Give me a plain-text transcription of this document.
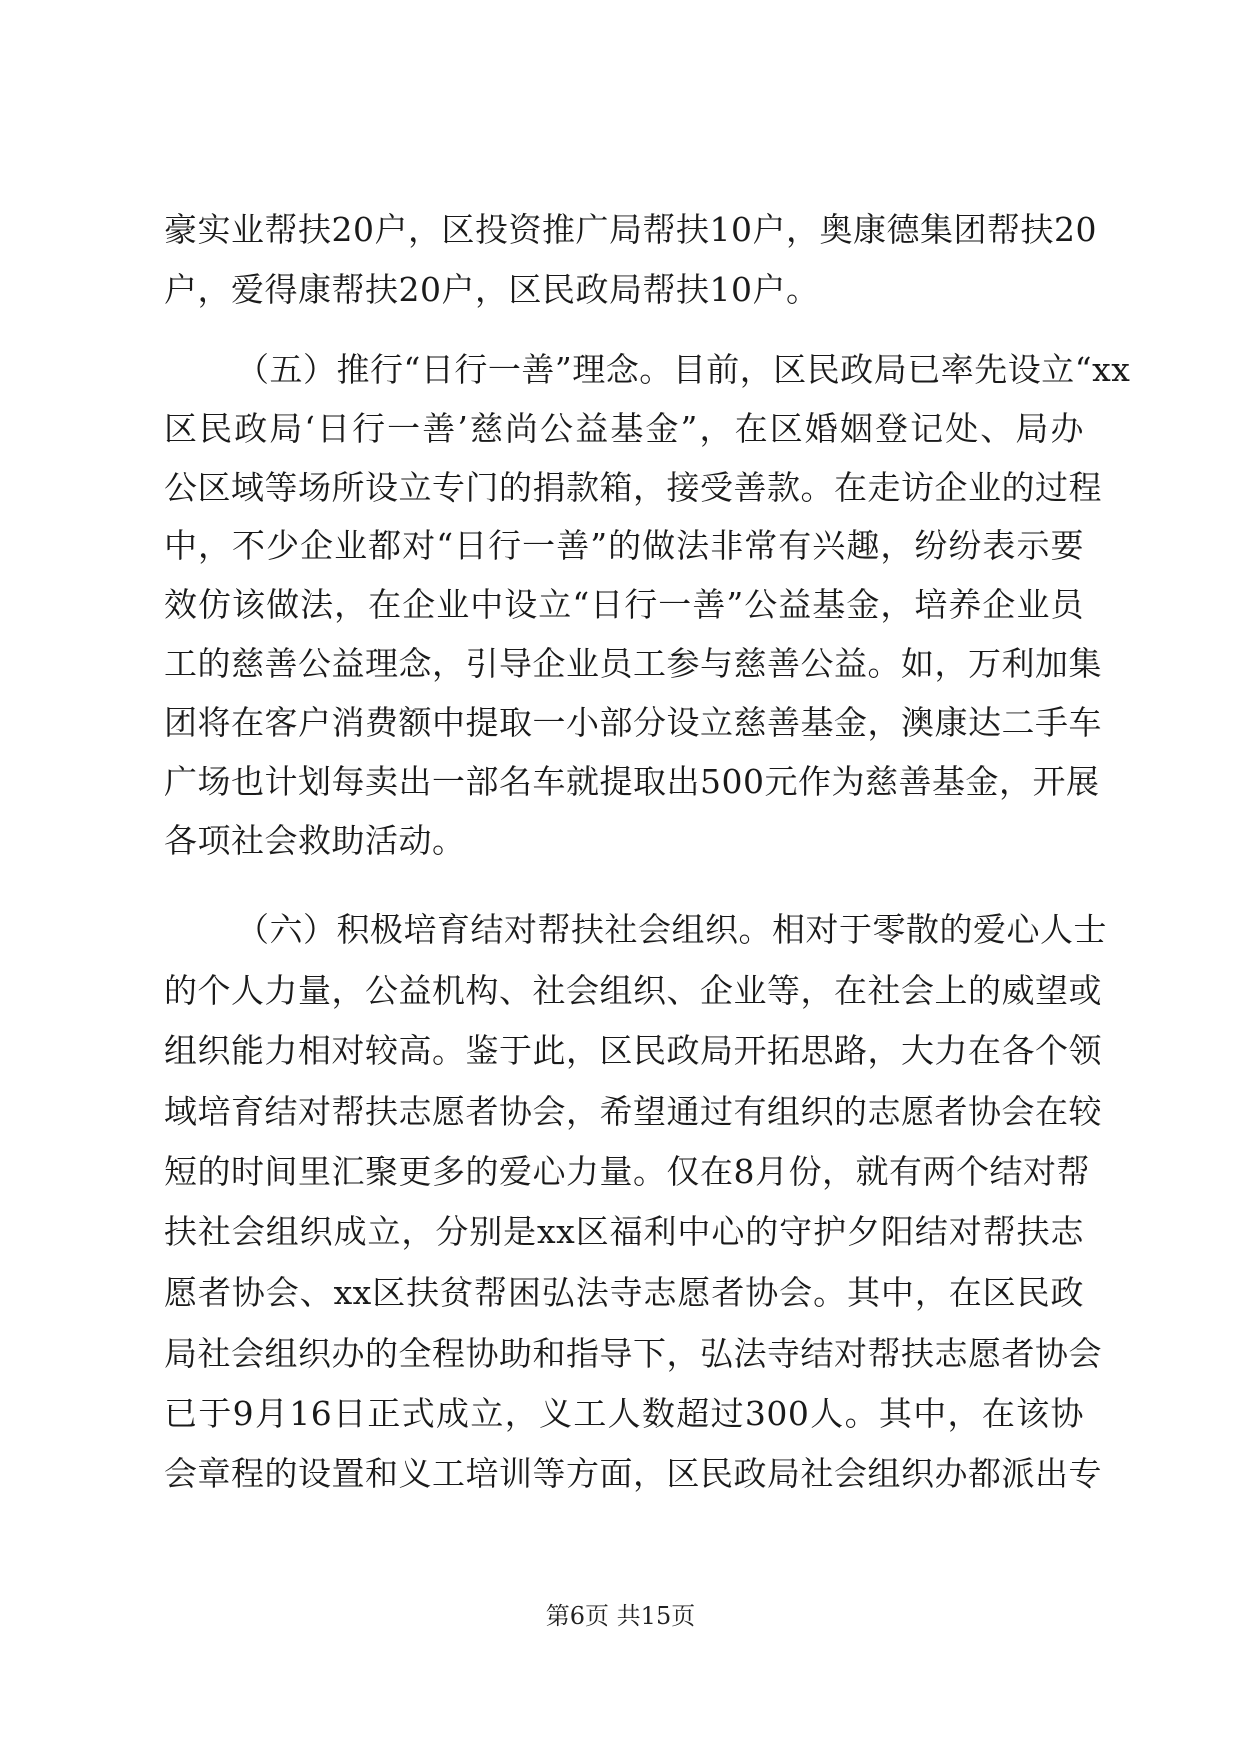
豪实业帮扶20户，区投资推广局帮扶10户，奥康德集团帮扶20
户，爱得康帮扶20户，区民政局帮扶10户。
（五）推行“日行一善”理念。目前，区民政局已率先设立“xx
区民政局‘日行一善’慈尚公益基金”，在区婚姻登记处、局办
公区域等场所设立专门的捐款箱，接受善款。在走访企业的过程
中，不少企业都对“日行一善”的做法非常有兴趣，纷纷表示要
效仿该做法，在企业中设立“日行一善”公益基金，培养企业员
工的慈善公益理念，引导企业员工参与慈善公益。如，万利加集
团将在客户消费额中提取一小部分设立慈善基金，澳康达二手车
广场也计划每卖出一部名车就提取出500元作为慈善基金，开展
各项社会救助活动。
（六）积极培育结对帮扶社会组织。相对于零散的爱心人士
的个人力量，公益机构、社会组织、企业等，在社会上的威望或
组织能力相对较高。鉴于此，区民政局开拓思路，大力在各个领
域培育结对帮扶志愿者协会，希望通过有组织的志愿者协会在较
短的时间里汇聚更多的爱心力量。仅在8月份，就有两个结对帮
扶社会组织成立，分别是xx区福利中心的守护夕阳结对帮扶志
愿者协会、xx区扶贫帮困弘法寺志愿者协会。其中，在区民政
局社会组织办的全程协助和指导下，弘法寺结对帮扶志愿者协会
已于9月16日正式成立，义工人数超过300人。其中，在该协
会章程的设置和义工培训等方面，区民政局社会组织办都派出专
第6页 共15页
